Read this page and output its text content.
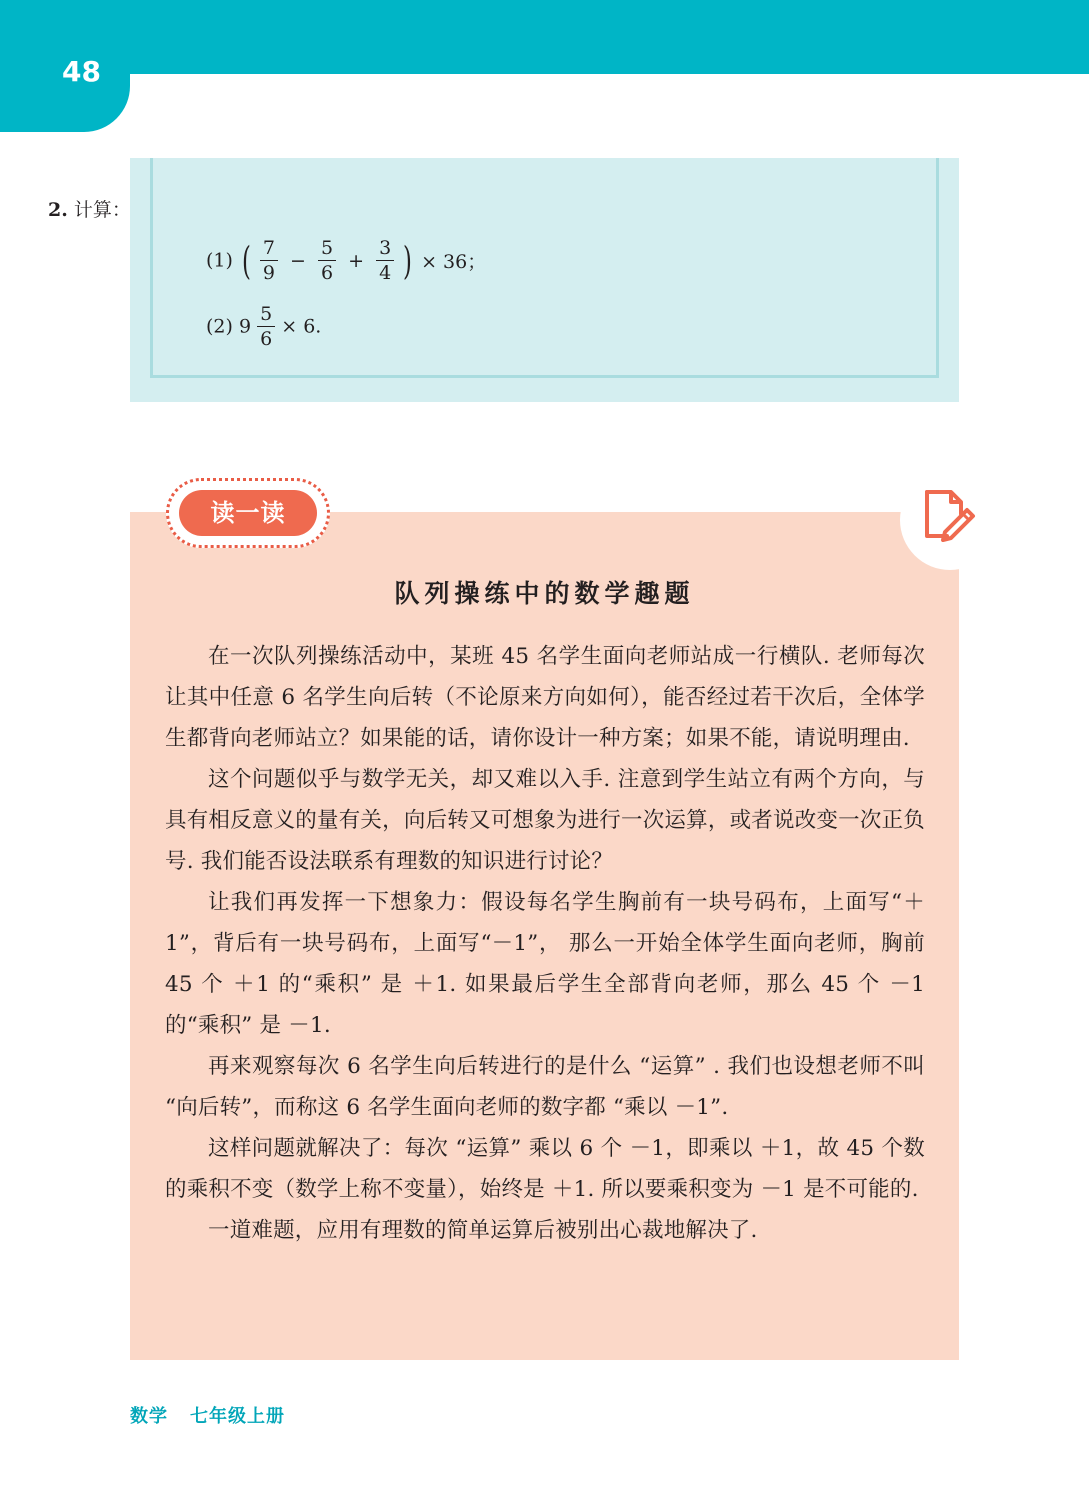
48

2. 计算：

(1) ( $\frac{7}{9} - \frac{5}{6} + \frac{3}{4}$ ) × 36；
(2) $9 \frac{5}{6} \times 6$.
读一读
队列操练中的数学趣题

在一次队列操练活动中，某班 45 名学生面向老师站成一行横队. 老师每次让其中任意 6 名学生向后转（不论原来方向如何），能否经过若干次后，全体学生都背向老师站立？如果能的话，请你设计一种方案；如果不能，请说明理由.

这个问题似乎与数学无关，却又难以入手. 注意到学生站立有两个方向，与具有相反意义的量有关，向后转又可想象为进行一次运算，或者说改变一次正负号. 我们能否设法联系有理数的知识进行讨论？

让我们再发挥一下想象力：假设每名学生胸前有一块号码布，上面写“＋1”，背后有一块号码布，上面写“－1”， 那么一开始全体学生面向老师，胸前 45 个 ＋1 的“乘积” 是 ＋1. 如果最后学生全部背向老师，那么 45 个 －1 的“乘积” 是 －1.

再来观察每次 6 名学生向后转进行的是什么 “运算” . 我们也设想老师不叫 “向后转”，而称这 6 名学生面向老师的数字都 “乘以 －1”.

这样问题就解决了：每次 “运算” 乘以 6 个 －1，即乘以 ＋1，故 45 个数的乘积不变（数学上称不变量），始终是 ＋1. 所以要乘积变为 －1 是不可能的.

一道难题，应用有理数的简单运算后被别出心裁地解决了.

数学 七年级上册
